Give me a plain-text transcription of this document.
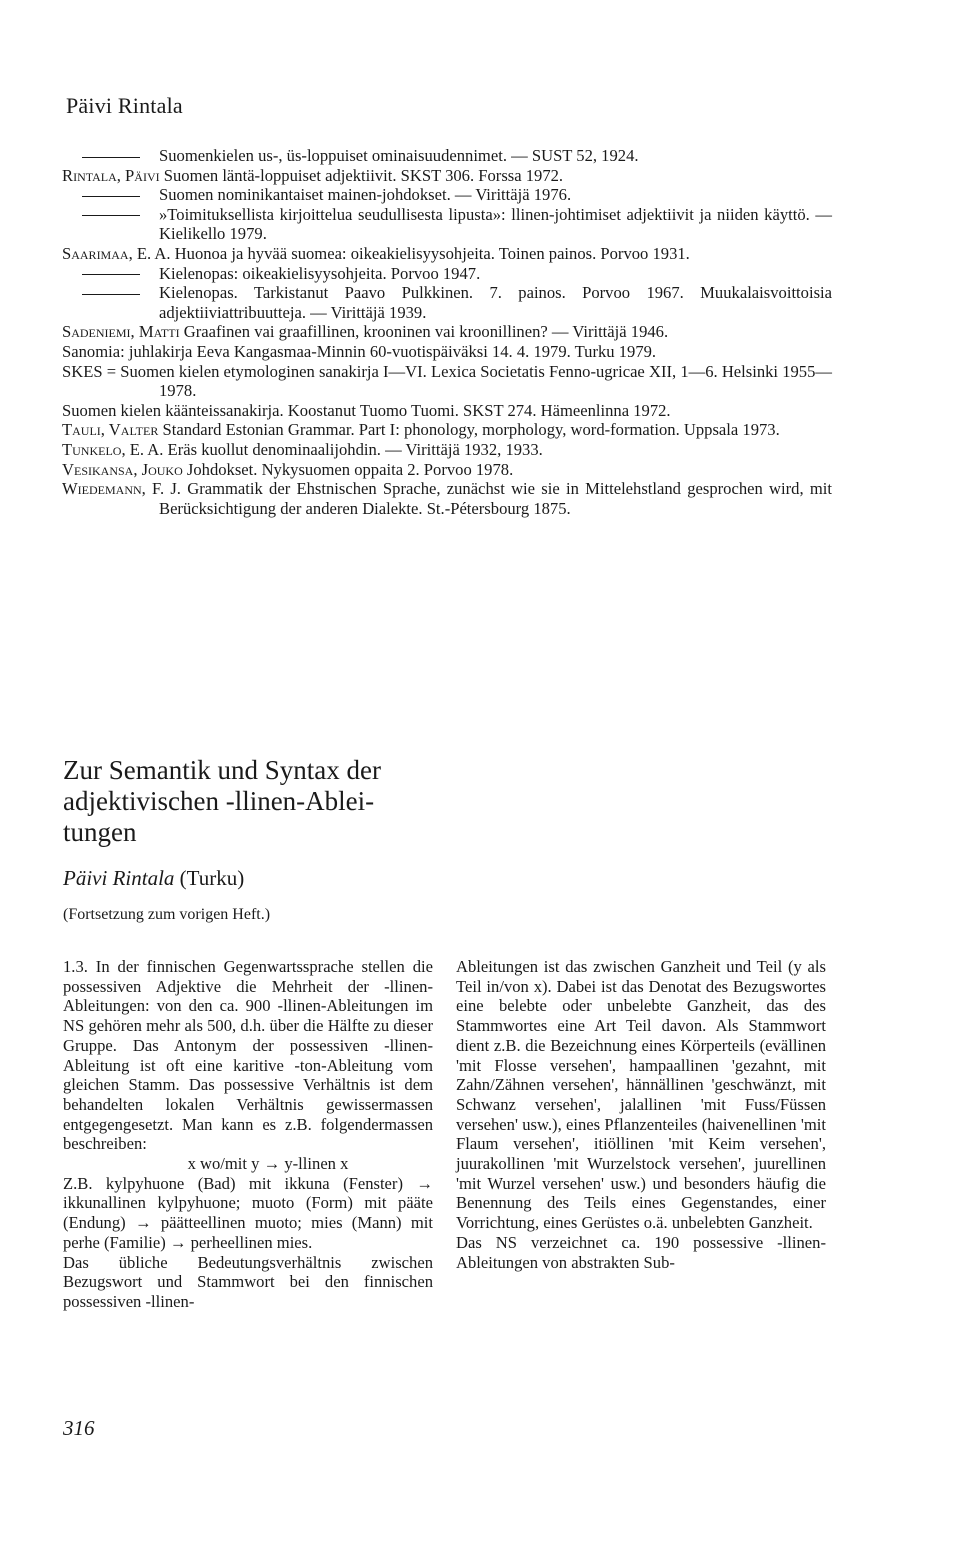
Päivi Rintala

Suomenkielen us-, üs-loppuiset ominaisuudennimet. — SUST 52, 1924.

Rintala, Päivi Suomen läntä-loppuiset adjektiivit. SKST 306. Forssa 1972.

Suomen nominikantaiset mainen-johdokset. — Virittäjä 1976.

»Toimituksellista kirjoittelua seudullisesta lipusta»: llinen-johtimiset adjektiivit ja niiden käyttö. — Kielikello 1979.

Saarimaa, E. A. Huonoa ja hyvää suomea: oikeakielisyysohjeita. Toinen painos. Porvoo 1931.

Kielenopas: oikeakielisyysohjeita. Porvoo 1947.

Kielenopas. Tarkistanut Paavo Pulkkinen. 7. painos. Porvoo 1967. Muukalaisvoittoisia adjektiiviattribuutteja. — Virittäjä 1939.

Sadeniemi, Matti Graafinen vai graafillinen, krooninen vai kroonillinen? — Virittäjä 1946.

Sanomia: juhlakirja Eeva Kangasmaa-Minnin 60-vuotispäiväksi 14. 4. 1979. Turku 1979.

SKES = Suomen kielen etymologinen sanakirja I—VI. Lexica Societatis Fenno-ugricae XII, 1—6. Helsinki 1955—1978.

Suomen kielen käänteissanakirja. Koostanut Tuomo Tuomi. SKST 274. Hämeenlinna 1972.

Tauli, Valter Standard Estonian Grammar. Part I: phonology, morphology, word-formation. Uppsala 1973.

Tunkelo, E. A. Eräs kuollut denominaalijohdin. — Virittäjä 1932, 1933.

Vesikansa, Jouko Johdokset. Nykysuomen oppaita 2. Porvoo 1978.

Wiedemann, F. J. Grammatik der Ehstnischen Sprache, zunächst wie sie in Mittelehstland gesprochen wird, mit Berücksichtigung der anderen Dialekte. St.-Pétersbourg 1875.

Zur Semantik und Syntax der
adjektivischen -llinen-Ablei-
tungen
Päivi Rintala (Turku)
(Fortsetzung zum vorigen Heft.)

1.3. In der finnischen Gegenwartssprache stellen die possessiven Adjektive die Mehrheit der -llinen-Ableitungen: von den ca. 900 -llinen-Ableitungen im NS gehören mehr als 500, d.h. über die Hälfte zu dieser Gruppe. Das Antonym der possessiven -llinen-Ableitung ist oft eine karitive -ton-Ableitung vom gleichen Stamm. Das possessive Verhältnis ist dem behandelten lokalen Verhältnis gewissermassen entgegengesetzt. Man kann es z.B. folgendermassen beschreiben:

x wo/mit y → y-llinen x

Z.B. kylpyhuone (Bad) mit ikkuna (Fenster) → ikkunallinen kylpyhuone; muoto (Form) mit pääte (Endung) → päätteellinen muoto; mies (Mann) mit perhe (Familie) → perheellinen mies.

Das übliche Bedeutungsverhältnis zwischen Bezugswort und Stammwort bei den finnischen possessiven -llinen-

Ableitungen ist das zwischen Ganzheit und Teil (y als Teil in/von x). Dabei ist das Denotat des Bezugswortes eine belebte oder unbelebte Ganzheit, das des Stammwortes eine Art Teil davon. Als Stammwort dient z.B. die Bezeichnung eines Körperteils (evällinen 'mit Flosse versehen', hampaallinen 'gezahnt, mit Zahn/Zähnen versehen', hännällinen 'geschwänzt, mit Schwanz versehen', jalallinen 'mit Fuss/Füssen versehen' usw.), eines Pflanzenteiles (haivenellinen 'mit Flaum versehen', itiöllinen 'mit Keim versehen', juurakollinen 'mit Wurzelstock versehen', juurellinen 'mit Wurzel versehen' usw.) und besonders häufig die Benennung des Teils eines Gegenstandes, einer Vorrichtung, eines Gerüstes o.ä. unbelebten Ganzheit.

Das NS verzeichnet ca. 190 possessive -llinen-Ableitungen von abstrakten Sub-

316
